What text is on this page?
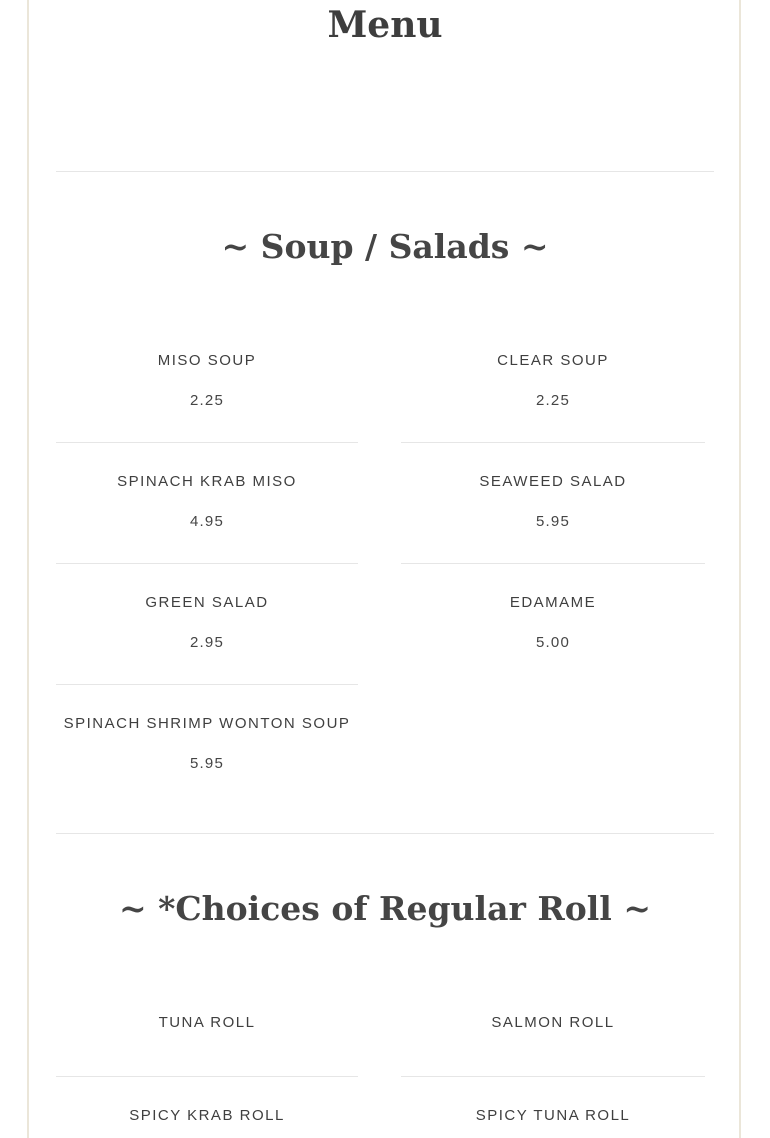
Menu
~ Soup / Salads ~
MISO SOUP
2.25
CLEAR SOUP
2.25
SPINACH KRAB MISO
4.95
SEAWEED SALAD
5.95
GREEN SALAD
2.95
EDAMAME
5.00
SPINACH SHRIMP WONTON SOUP
5.95
~ *Choices of Regular Roll ~
TUNA ROLL	SALMON ROLL
SPICY KRAB ROLL	SPICY TUNA ROLL
